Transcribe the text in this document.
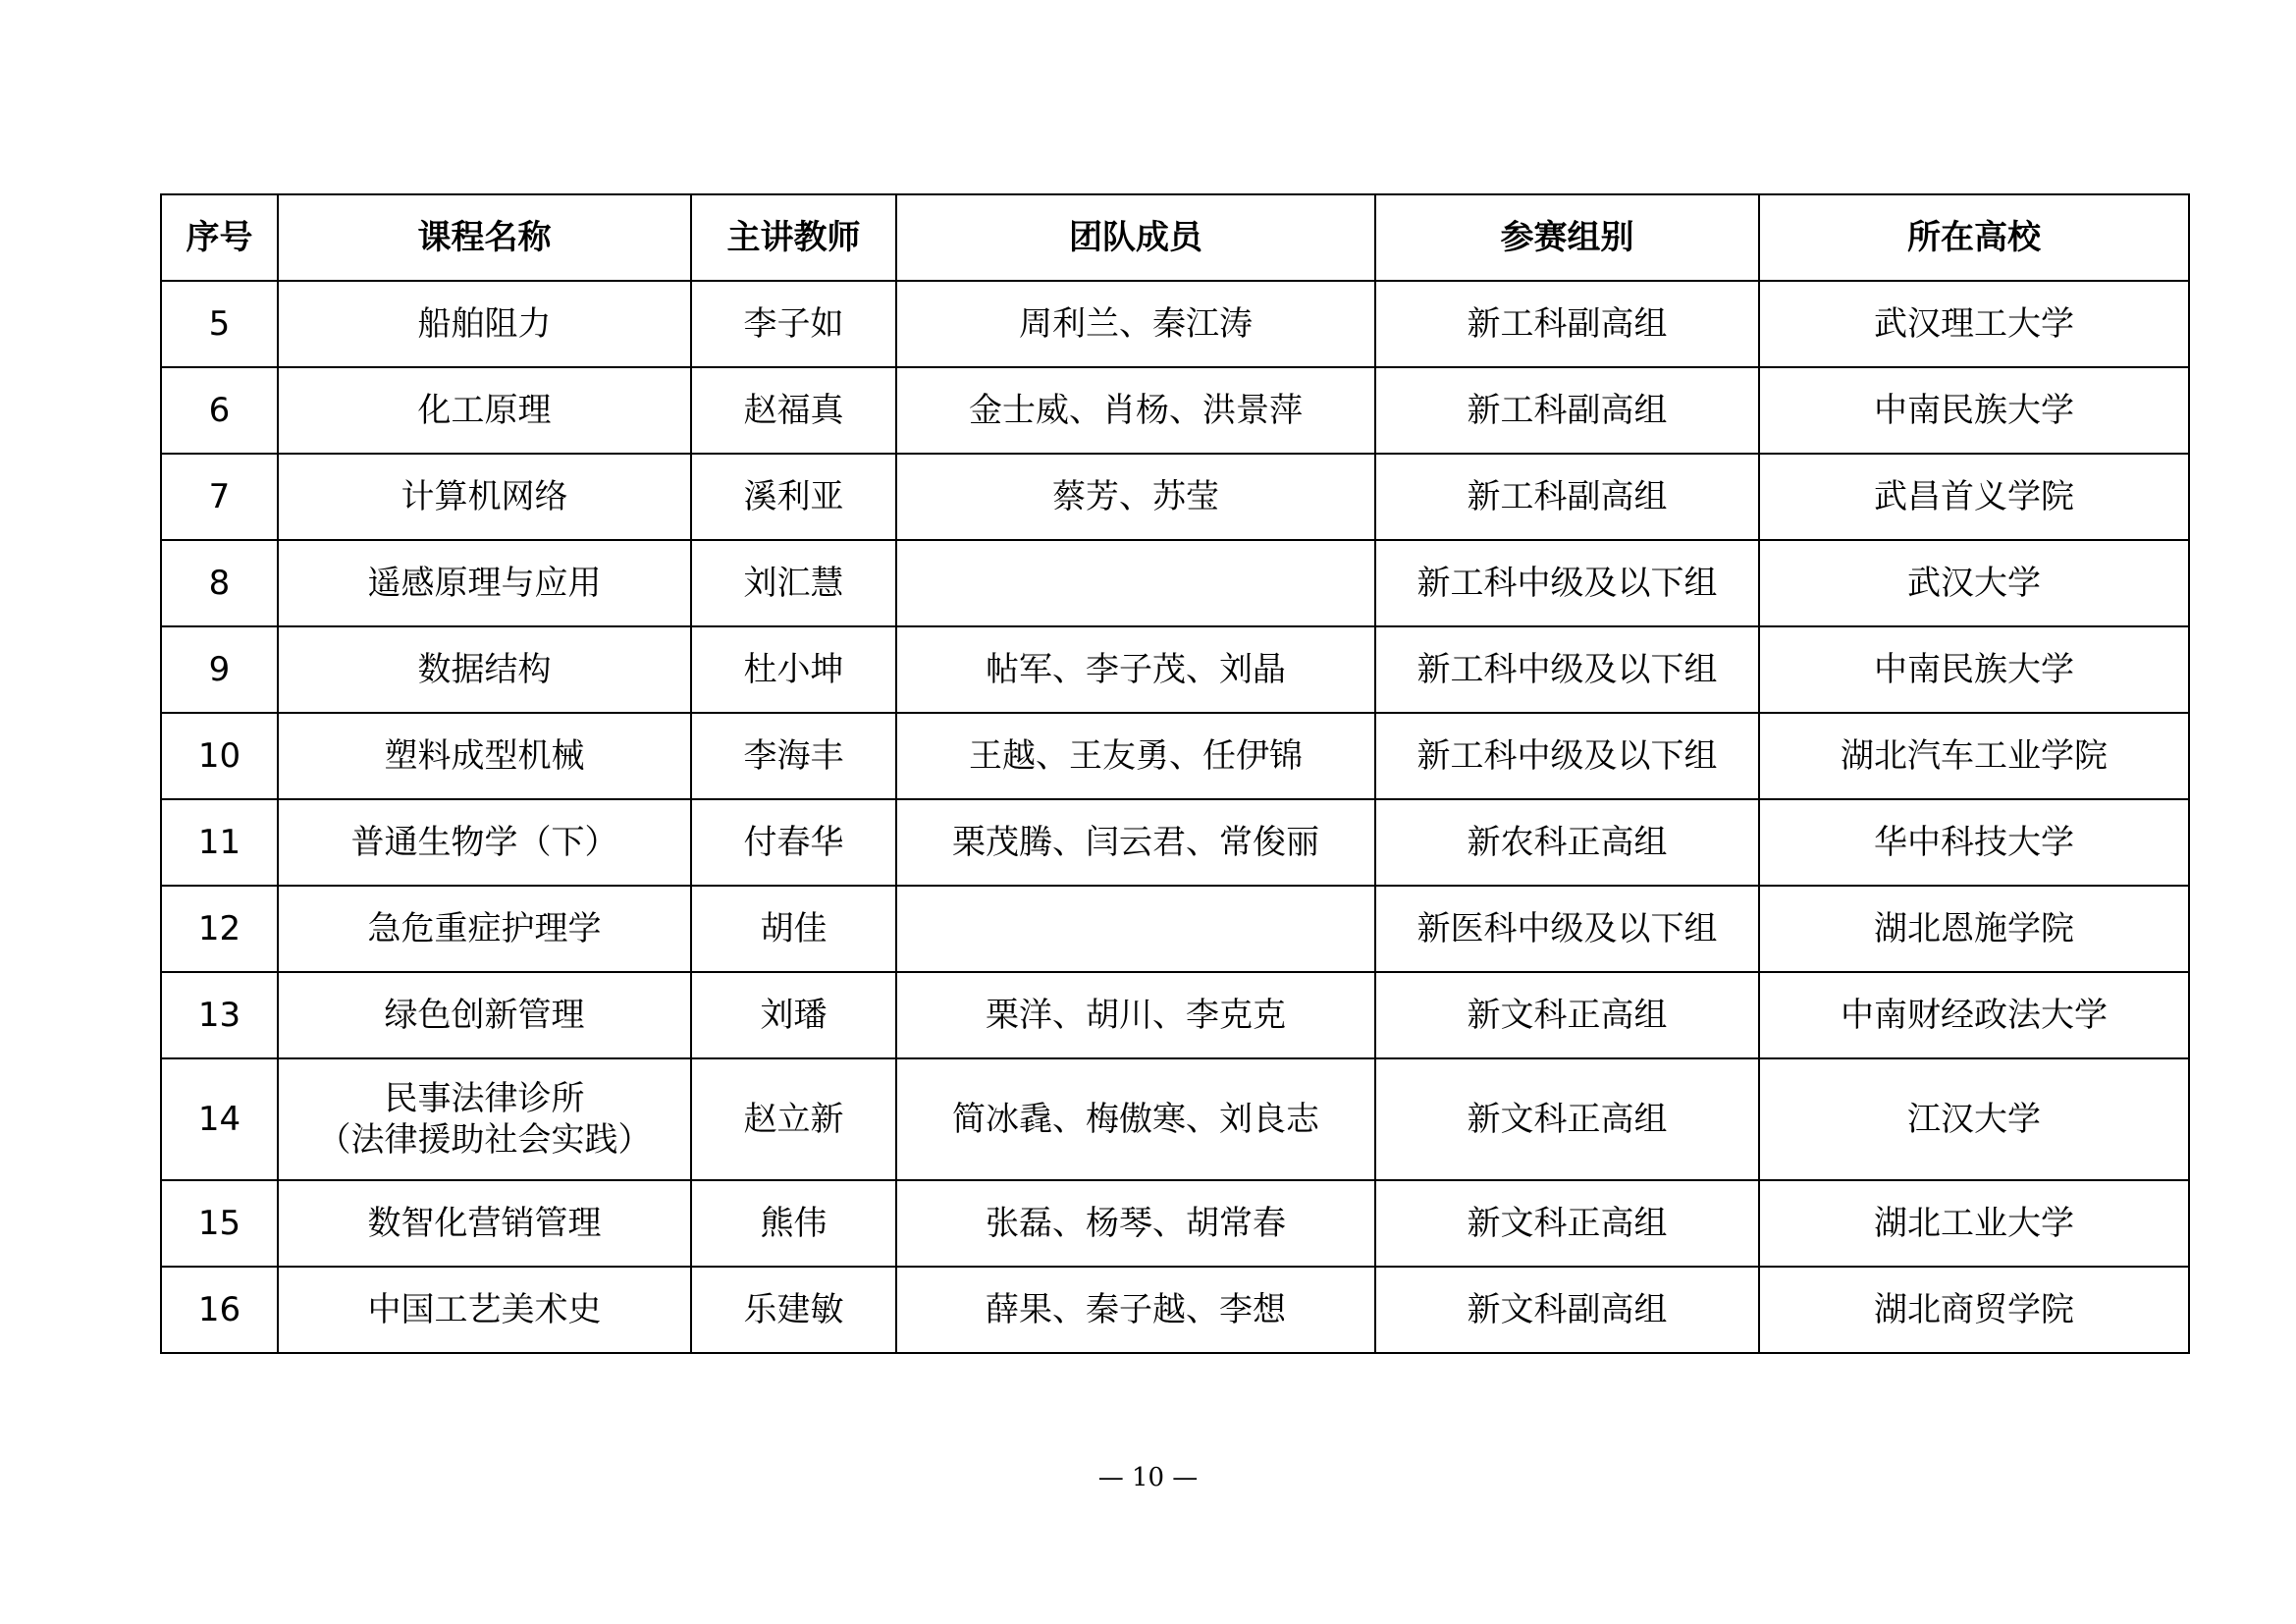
序号	课程名称	主讲教师	团队成员	参赛组别	所在高校
5	船舶阻力	李子如	周利兰、秦江涛	新工科副高组	武汉理工大学
6	化工原理	赵福真	金士威、肖杨、洪景萍	新工科副高组	中南民族大学
7	计算机网络	溪利亚	蔡芳、苏莹	新工科副高组	武昌首义学院
8	遥感原理与应用	刘汇慧		新工科中级及以下组	武汉大学
9	数据结构	杜小坤	帖军、李子茂、刘晶	新工科中级及以下组	中南民族大学
10	塑料成型机械	李海丰	王越、王友勇、任伊锦	新工科中级及以下组	湖北汽车工业学院
11	普通生物学（下）	付春华	栗茂腾、闫云君、常俊丽	新农科正高组	华中科技大学
12	急危重症护理学	胡佳		新医科中级及以下组	湖北恩施学院
13	绿色创新管理	刘璠	栗洋、胡川、李克克	新文科正高组	中南财经政法大学
14	民事法律诊所
（法律援助社会实践）	赵立新	简冰毳、梅傲寒、刘良志	新文科正高组	江汉大学
15	数智化营销管理	熊伟	张磊、杨琴、胡常春	新文科正高组	湖北工业大学
16	中国工艺美术史	乐建敏	薛果、秦子越、李想	新文科副高组	湖北商贸学院
— 10 —
